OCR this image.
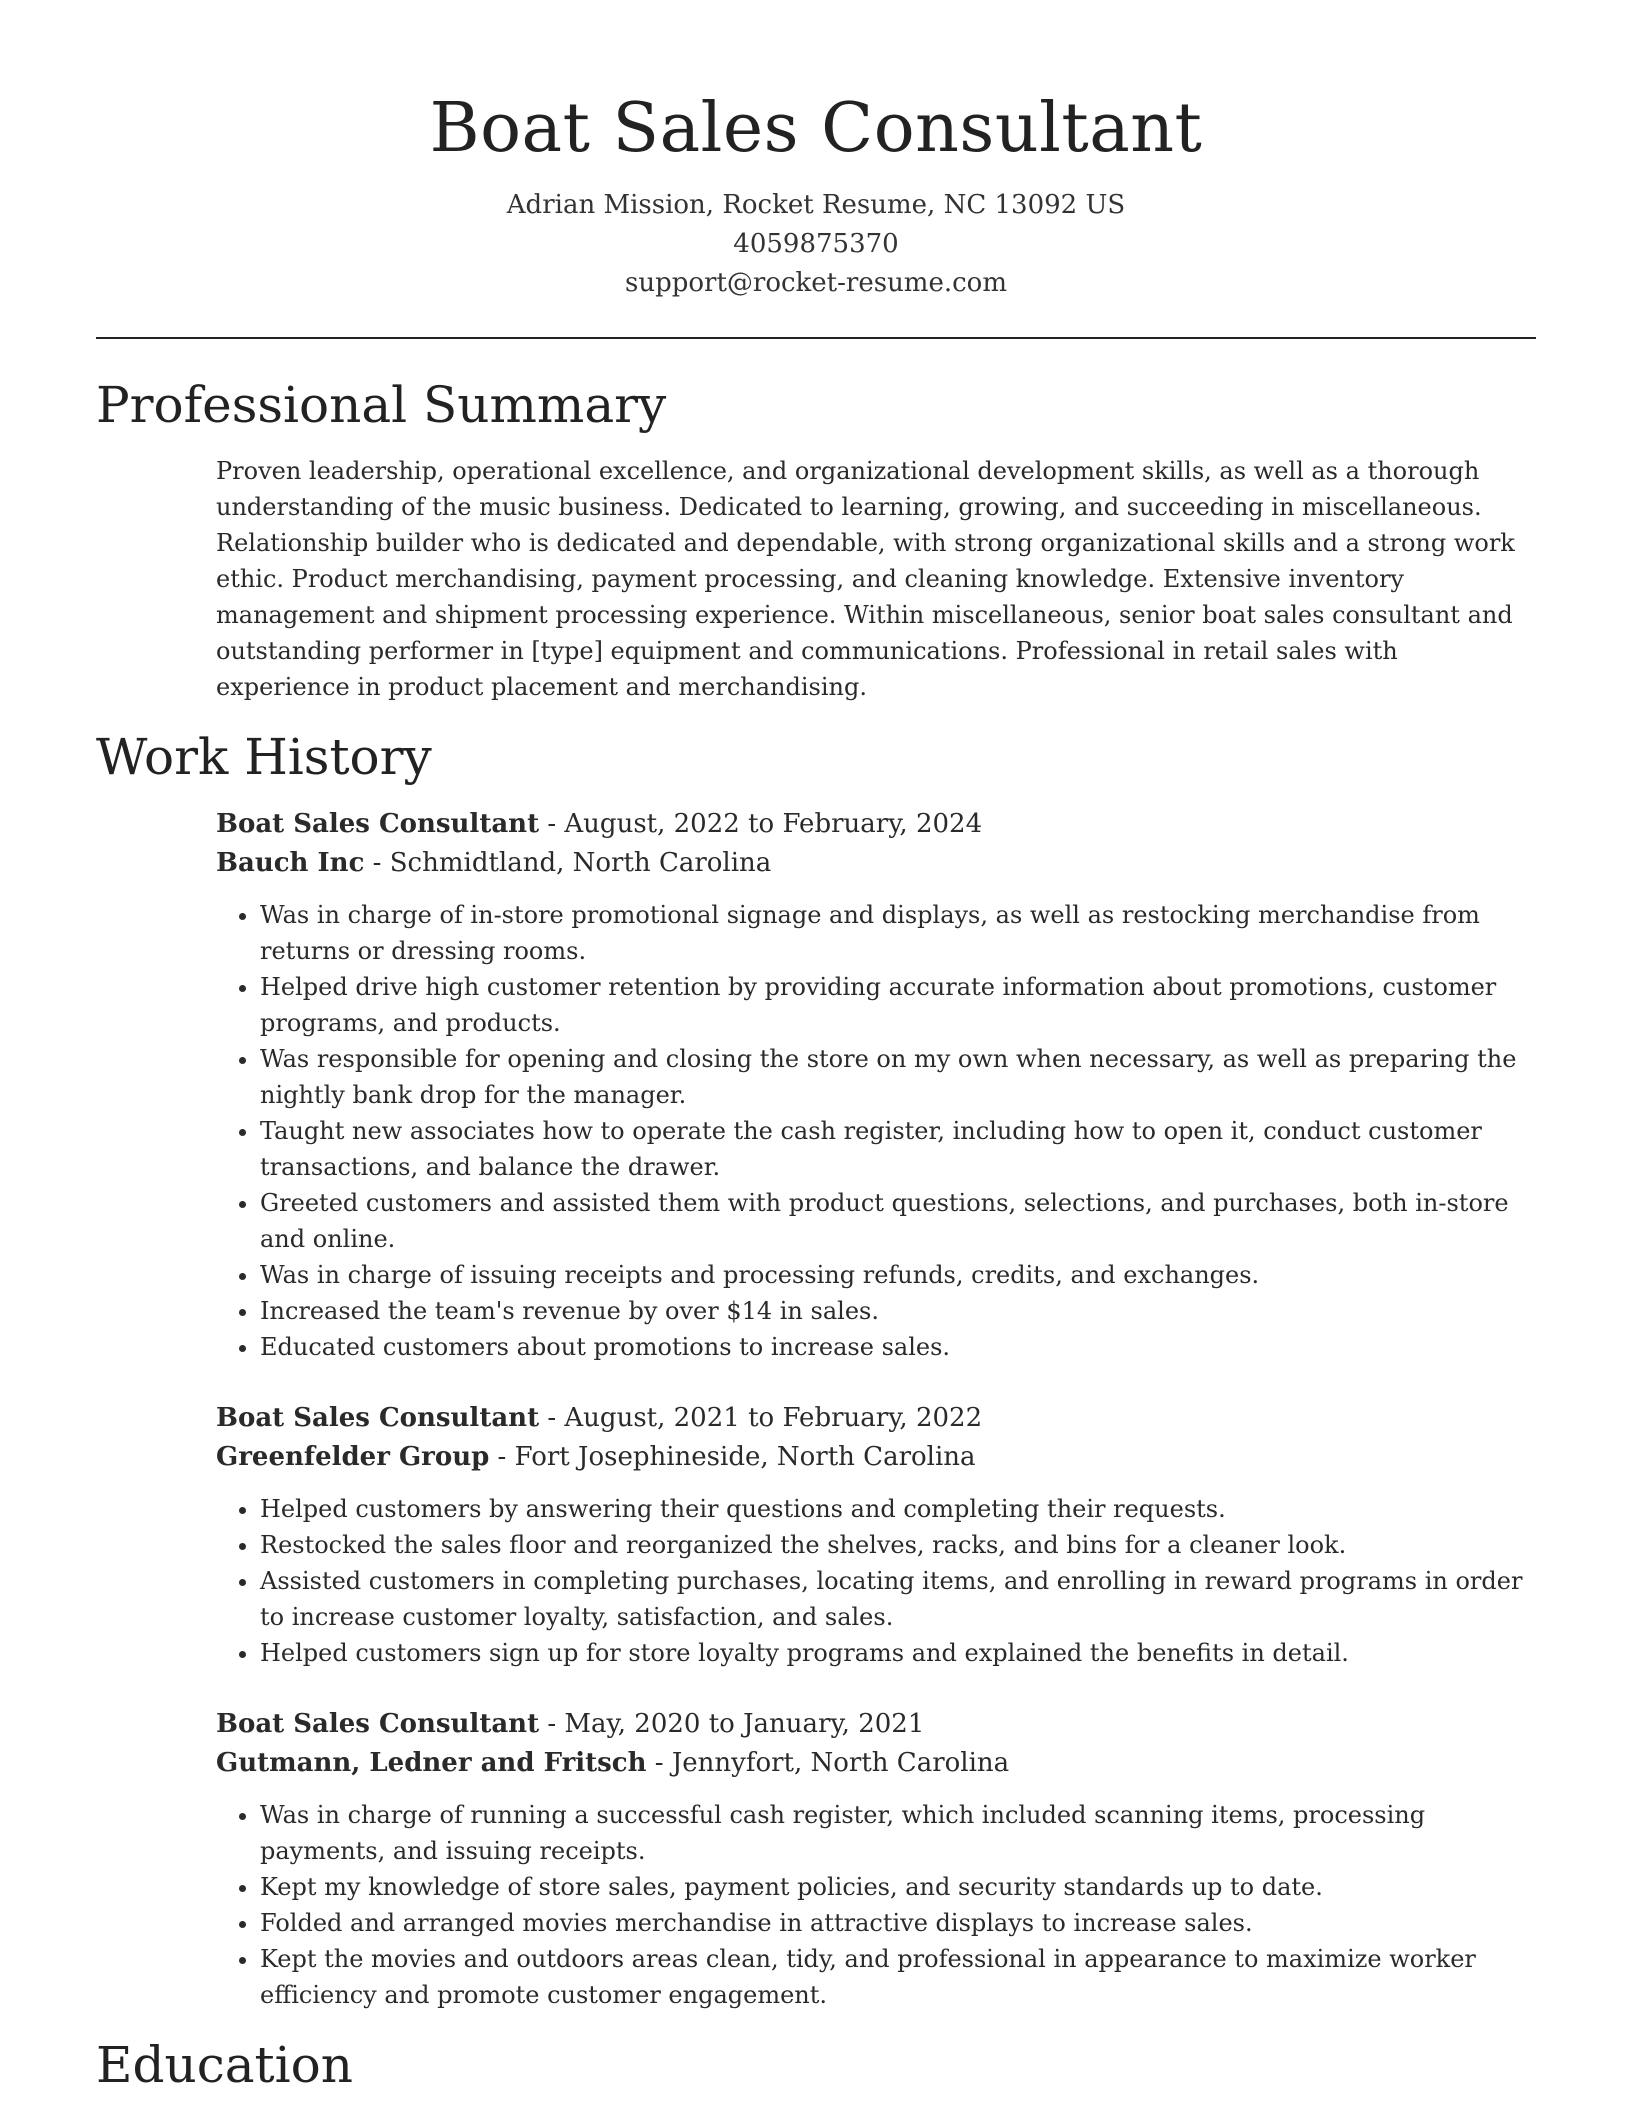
Boat Sales Consultant
Adrian Mission, Rocket Resume, NC 13092 US
4059875370
support@rocket-resume.com
Professional Summary

Proven leadership, operational excellence, and organizational development skills, as well as a thorough understanding of the music business. Dedicated to learning, growing, and succeeding in miscellaneous. Relationship builder who is dedicated and dependable, with strong organizational skills and a strong work ethic. Product merchandising, payment processing, and cleaning knowledge. Extensive inventory management and shipment processing experience. Within miscellaneous, senior boat sales consultant and outstanding performer in [type] equipment and communications. Professional in retail sales with experience in product placement and merchandising.

Work History
Boat Sales Consultant - August, 2022 to February, 2024
Bauch Inc - Schmidtland, North Carolina
• Was in charge of in-store promotional signage and displays, as well as restocking merchandise from returns or dressing rooms.
• Helped drive high customer retention by providing accurate information about promotions, customer programs, and products.
• Was responsible for opening and closing the store on my own when necessary, as well as preparing the nightly bank drop for the manager.
• Taught new associates how to operate the cash register, including how to open it, conduct customer transactions, and balance the drawer.
• Greeted customers and assisted them with product questions, selections, and purchases, both in-store and online.
• Was in charge of issuing receipts and processing refunds, credits, and exchanges.
• Increased the team's revenue by over $14 in sales.
• Educated customers about promotions to increase sales.
Boat Sales Consultant - August, 2021 to February, 2022
Greenfelder Group - Fort Josephineside, North Carolina
• Helped customers by answering their questions and completing their requests.
• Restocked the sales floor and reorganized the shelves, racks, and bins for a cleaner look.
• Assisted customers in completing purchases, locating items, and enrolling in reward programs in order to increase customer loyalty, satisfaction, and sales.
• Helped customers sign up for store loyalty programs and explained the benefits in detail.
Boat Sales Consultant - May, 2020 to January, 2021
Gutmann, Ledner and Fritsch - Jennyfort, North Carolina
• Was in charge of running a successful cash register, which included scanning items, processing payments, and issuing receipts.
• Kept my knowledge of store sales, payment policies, and security standards up to date.
• Folded and arranged movies merchandise in attractive displays to increase sales.
• Kept the movies and outdoors areas clean, tidy, and professional in appearance to maximize worker efficiency and promote customer engagement.
Education
